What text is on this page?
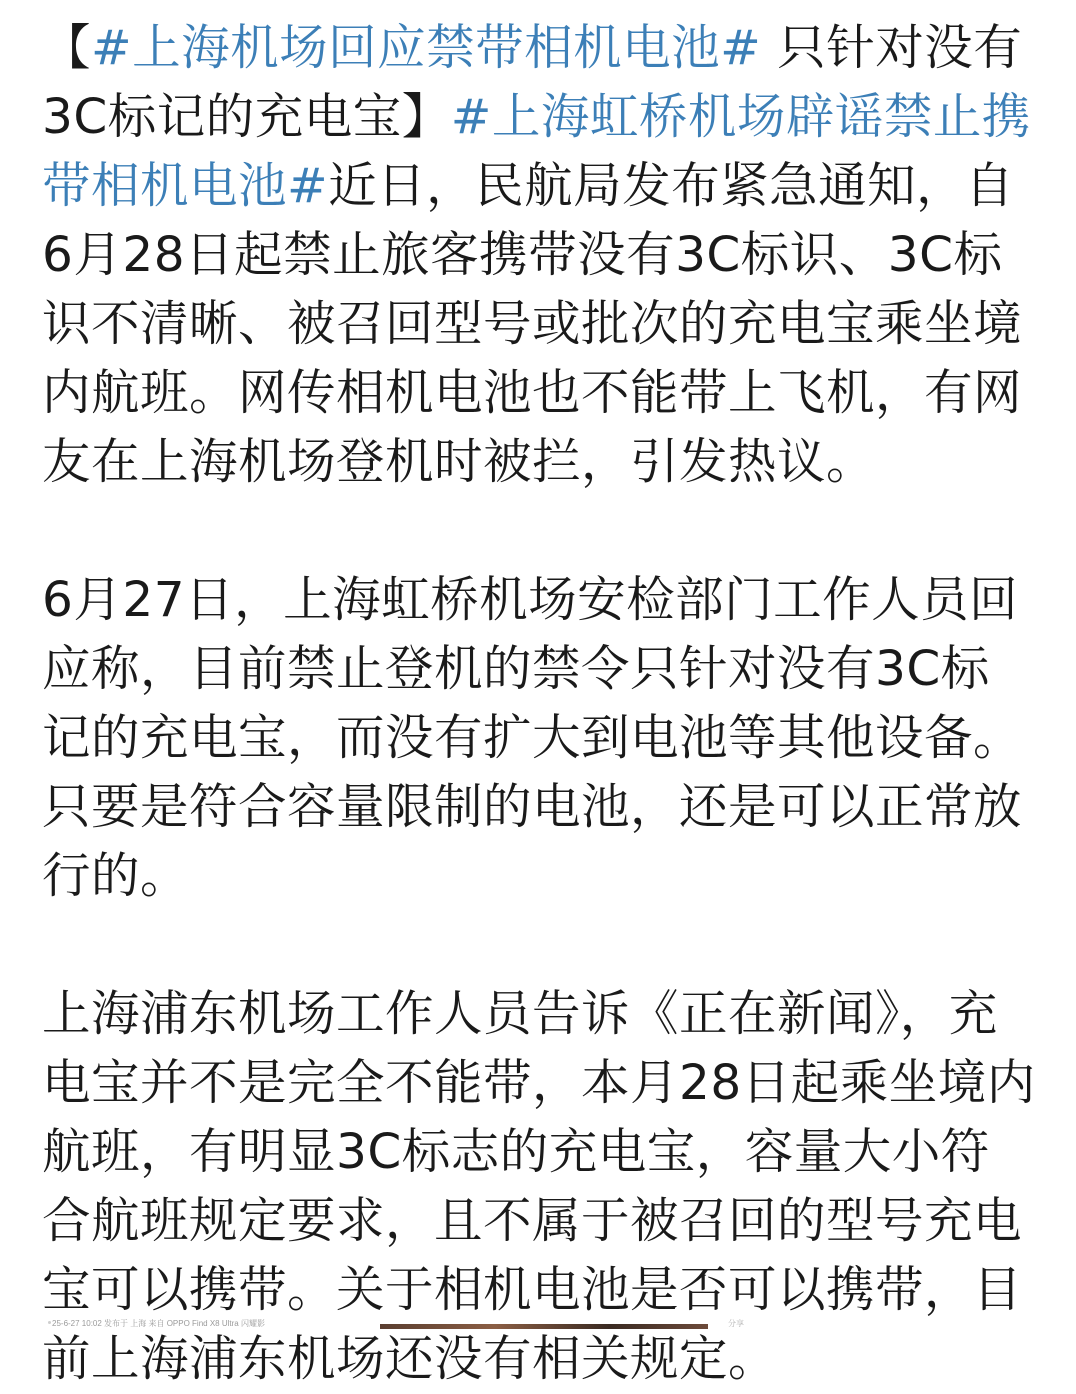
【#上海机场回应禁带相机电池# 只针对没有3C标记的充电宝】#上海虹桥机场辟谣禁止携带相机电池#近日，民航局发布紧急通知，自6月28日起禁止旅客携带没有3C标识、3C标识不清晰、被召回型号或批次的充电宝乘坐境内航班。网传相机电池也不能带上飞机，有网友在上海机场登机时被拦，引发热议。

6月27日，上海虹桥机场安检部门工作人员回应称，目前禁止登机的禁令只针对没有3C标记的充电宝，而没有扩大到电池等其他设备。只要是符合容量限制的电池，还是可以正常放行的。

上海浦东机场工作人员告诉《正在新闻》，充电宝并不是完全不能带，本月28日起乘坐境内航班，有明显3C标志的充电宝，容量大小符合航班规定要求，且不属于被召回的型号充电宝可以携带。关于相机电池是否可以携带，目前上海浦东机场还没有相关规定。

25-6-27 10:02 发布于 上海 来自 OPPO Find X8 Ultra 闪耀影	分享
